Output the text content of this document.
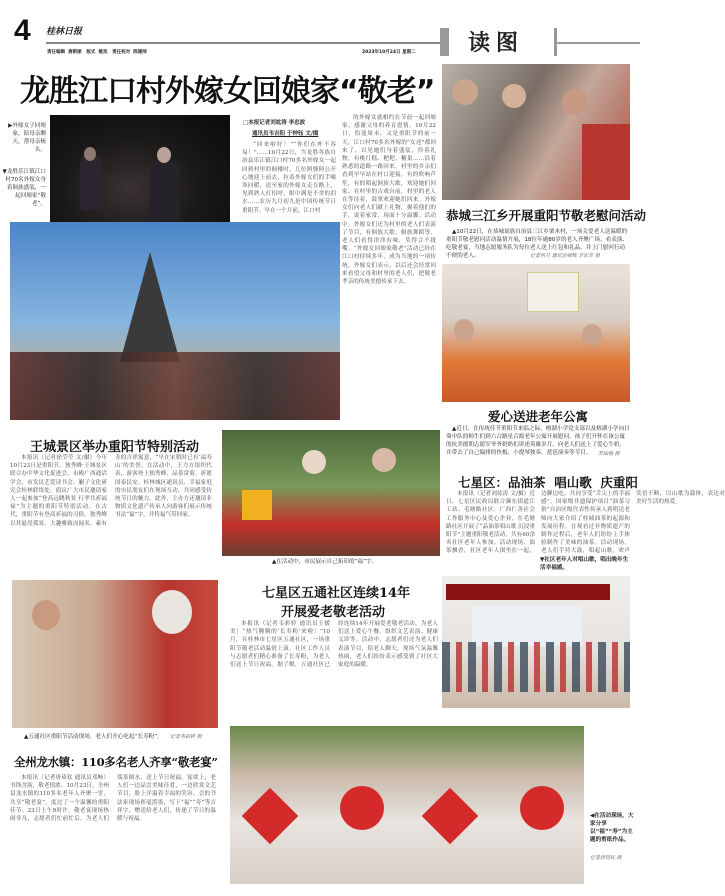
4 桂林日报
责任编辑  唐新丽   版式  姚昆   责任校对  陈建师	2023年10月24日 星期二 读图
龙胜江口村外嫁女回娘家“敬老”
▶外嫁女子回娘家，陪母亲聊天，帮母亲梳头。
▼龙胜乐江镇江口村70名外嫁女身着侗族盛装，一起回娘家“敬老”。
□本报记者刘竑涛 李忠波
通讯员韦吉阳 于钟钰 文/图
“回来啦好！”“你们在外不容易！”……10月22日，当龙胜各族自治县乐江镇江口村70多名外嫁女一起回到村里的侗楼时，几位阿婆阿公开心地迎上前去，拉着外嫁女们的手嘘寒问暖，送至家的外嫁女走在路上，见到熟人打招呼，眼中满是不舍的泪水……农历九月初九是中国传统节日重阳节。早在一个月前，江口村
的外嫁女就相约在节前一起回娘家，感谢父母的养育恩情。10月22日，恰逢周末，又是重阳节的前一天，江口村70多名外嫁的“女还”都回来了，以见她们身着盛装，拎着礼物，有桃红糕、粑粑、糖果……沿着熟悉的道路一路回来。村里的乡亲们看到早早站在村口迎接，有的吹响芦笙，有的唱起侗族大歌，欢迎她们回家。在村里的古戏台前，村里的老人在等待着，鼓掌欢迎她们回来。外嫁女们向老人们献上礼物，握着他们的手，说着家常，场面十分温馨。活动中，外嫁女们还为村里的老人们表演了节目，有侗族大歌、侗族舞蹈等，老人们看得津津有味，笑得合不拢嘴。“外嫁女回娘家敬老”活动已经在江口村持续多年，成为当地的一项传统。外嫁女们表示，以后还会经常回来看望父母和村里的老人们，把敬老孝亲的传统美德传承下去。
恭城三江乡开展重阳节敬老慰问活动
▲10月22日，在恭城瑶族自治县三江乡栗木村，一场关爱老人送温暖的重阳节敬老慰问活动温情开展，18位年逾80岁的老人齐聚广场，看表演、吃敬老宴，当地志愿服务队为每位老人送上红包和礼品，并上门慰问行动不便的老人。	记者何月 通讯员梁辉 李宏青 摄
爱心送进老年公寓
▲近日，在传统佳节重阳节来临之际，榕湖小学党支部以及榕湖小学向日葵中队的师生们到六合路星合源老年公寓开展慰问，孩子们开怀在该公寓的抗美援朝志愿军爷爷奶奶们讲述英雄岁月，向老人们送上了爱心牛奶，并带去了自己编排的快板、小提琴独奏、琵琶演奏等节目。	苏仙梅 摄
七星区：品油茶  唱山歌  庆重阳
本报讯（记者刘竑涛 文/摄）近日，七星区民政局联合濒东街道江工站、毛塘路社区、广西仁善社会工作服务中心及爱心企业，在毛塘路社区开展了“品油茶唱山歌 沉浸重阳节”主题重阳敬老活动，共有60余名社区老年人参加。活动现场，油茶飘香，社区老年人围坐在一起，边聊边吃，共同享受“舌尖上的幸福感”。国家级非遗保护项目“油茶习俗”自治区级代表性传承人蒋明达老师向大家介绍了桂城油茶的起源和发展历程。在观看过非物质遗产的制作过程后，老年人们纷纷上手体验制作了美味的油茶。活动现场，老人们手持大鼓，唱起山歌，欢声笑语不断，以山歌为载体，表达对美好生活的热爱。
▼社区老年人对唱山歌，唱出晚年生活幸福感。
王城景区举办重阳节特别活动
本报讯（记者徐莹莹 文/摄）今年10月23日是重阳节，独秀峰·王城景区联合办中华文化促进会、市殿广西通话学会、市发民艺爱读书会、蒯子文化研究会桂林联络处，倡议广大市民邀请家人一起参加“登高远眺秋景 行孝共祈福禄”为主题的重阳节特别活动。在古代，重阳节有登高祈福的习俗，独秀峰以其悬崖孤耸、大趣雅致而闻名，素有寿的吉祥寓意，“早在宋朝时已有‘福寿山’的美誉。在活动中，王力方组织代表，游客登上独秀峰，品茶赏菊，祈愿国泰民安。桂林城区通讯员、幸福家庭的市民朋友们在现场互动，共同感受传统节日的魅力。此外，主办方还邀请非物质文化遗产传承人向游客们展示传统书法“福”字，并将福气带回家。
▲在活动中，市民展示自己拓印的“福”字。
七星区五通社区连续14年
开展爱老敬老活动
本报讯（记者韦彩婷 通讯员王媛美）“热气腾腾的‘长寿粉’来啦！”10月，在桂林市七星区五通社区，一场重阳节敬老活动温情上演。社区工作人员与志愿者们精心准备了长寿粉，为老人们送上节日祝福。据了解，五通社区已经连续14年开展爱老敬老活动，为老人们送上爱心午餐，组织文艺表演、健康义诊等。活动中，志愿者们还为老人们表演节目，陪老人聊天，现场气氛温馨热闹，老人们纷纷表示感受到了社区大家庭的温暖。
▲五通社区重阳节活动现场，老人们开心吃起“长寿粉”。 记者韦彩婷 摄
全州龙水镇：110多名老人齐享“敬老宴”
本报讯（记者唐琦钦 通讯员邓畅）书锋含韵，敬老情浓。10月23日，全州县龙水镇的110多名老年人齐聚一堂，共享“敬老宴”，度过了一个温馨的重阳佳节。23日上午9时许，敬老宴现场热闹非凡，志愿者们忙前忙后，为老人们端茶倒水、送上节日祝福。宴席上，老人们一边品尝美味佳肴，一边欣赏文艺节目，脸上洋溢着幸福的笑容。会的书法家现场挥毫泼墨，写下“福”“寿”等吉祥字，赠送给老人们，传递了节日的温暖与祝福。
◀在活动现场，大家分享以“福”“寿”为主题的剪纸作品。
记者唐琦钦 摄
